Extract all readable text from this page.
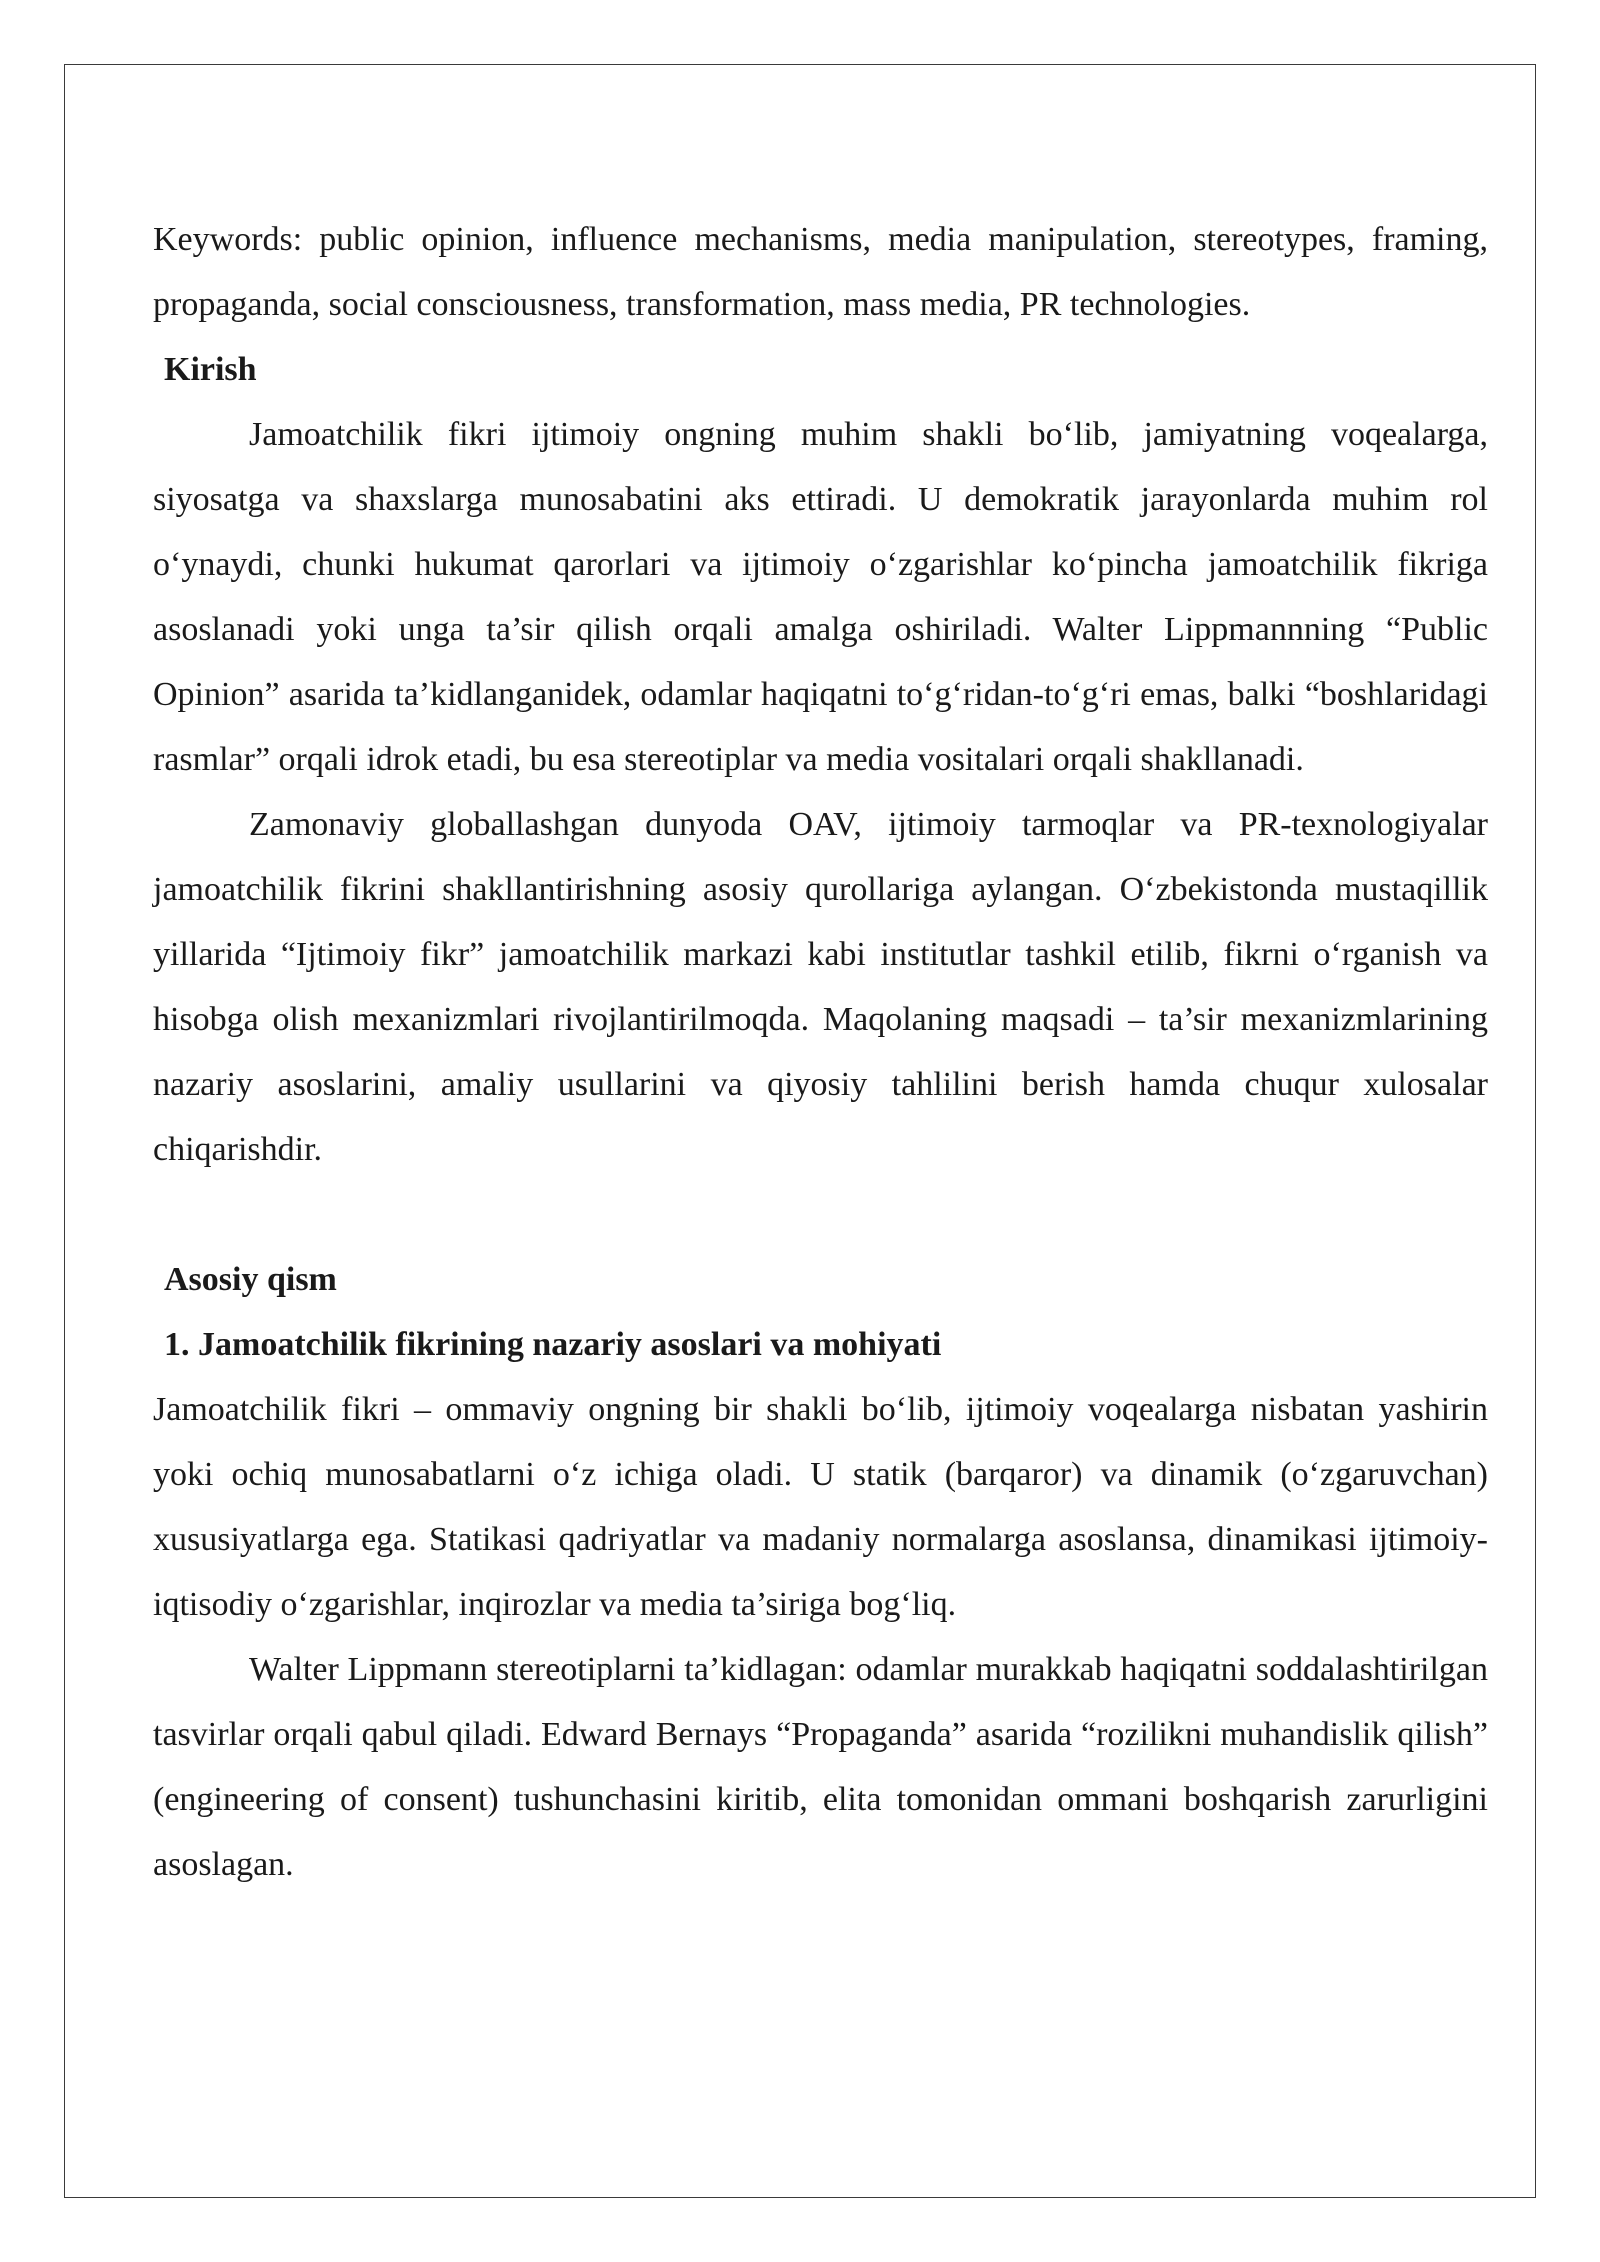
Keywords: public opinion, influence mechanisms, media manipulation, stereotypes, framing, propaganda, social consciousness, transformation, mass media, PR technologies.

Kirish

Jamoatchilik fikri ijtimoiy ongning muhim shakli bo‘lib, jamiyatning voqealarga, siyosatga va shaxslarga munosabatini aks ettiradi. U demokratik jarayonlarda muhim rol o‘ynaydi, chunki hukumat qarorlari va ijtimoiy o‘zgarishlar ko‘pincha jamoatchilik fikriga asoslanadi yoki unga ta’sir qilish orqali amalga oshiriladi. Walter Lippmannning “Public Opinion” asarida ta’kidlanganidek, odamlar haqiqatni to‘g‘ridan-to‘g‘ri emas, balki “boshlaridagi rasmlar” orqali idrok etadi, bu esa stereotiplar va media vositalari orqali shakllanadi.

Zamonaviy globallashgan dunyoda OAV, ijtimoiy tarmoqlar va PR-texnologiyalar jamoatchilik fikrini shakllantirishning asosiy qurollariga aylangan. O‘zbekistonda mustaqillik yillarida “Ijtimoiy fikr” jamoatchilik markazi kabi institutlar tashkil etilib, fikrni o‘rganish va hisobga olish mexanizmlari rivojlantirilmoqda. Maqolaning maqsadi – ta’sir mexanizmlarining nazariy asoslarini, amaliy usullarini va qiyosiy tahlilini berish hamda chuqur xulosalar chiqarishdir.

Asosiy qism
1. Jamoatchilik fikrining nazariy asoslari va mohiyati

Jamoatchilik fikri – ommaviy ongning bir shakli bo‘lib, ijtimoiy voqealarga nisbatan yashirin yoki ochiq munosabatlarni o‘z ichiga oladi. U statik (barqaror) va dinamik (o‘zgaruvchan) xususiyatlarga ega. Statikasi qadriyatlar va madaniy normalarga asoslansa, dinamikasi ijtimoiy-iqtisodiy o‘zgarishlar, inqirozlar va media ta’siriga bog‘liq.

Walter Lippmann stereotiplarni ta’kidlagan: odamlar murakkab haqiqatni soddalashtirilgan tasvirlar orqali qabul qiladi. Edward Bernays “Propaganda” asarida “rozilikni muhandislik qilish” (engineering of consent) tushunchasini kiritib, elita tomonidan ommani boshqarish zarurligini asoslagan.
